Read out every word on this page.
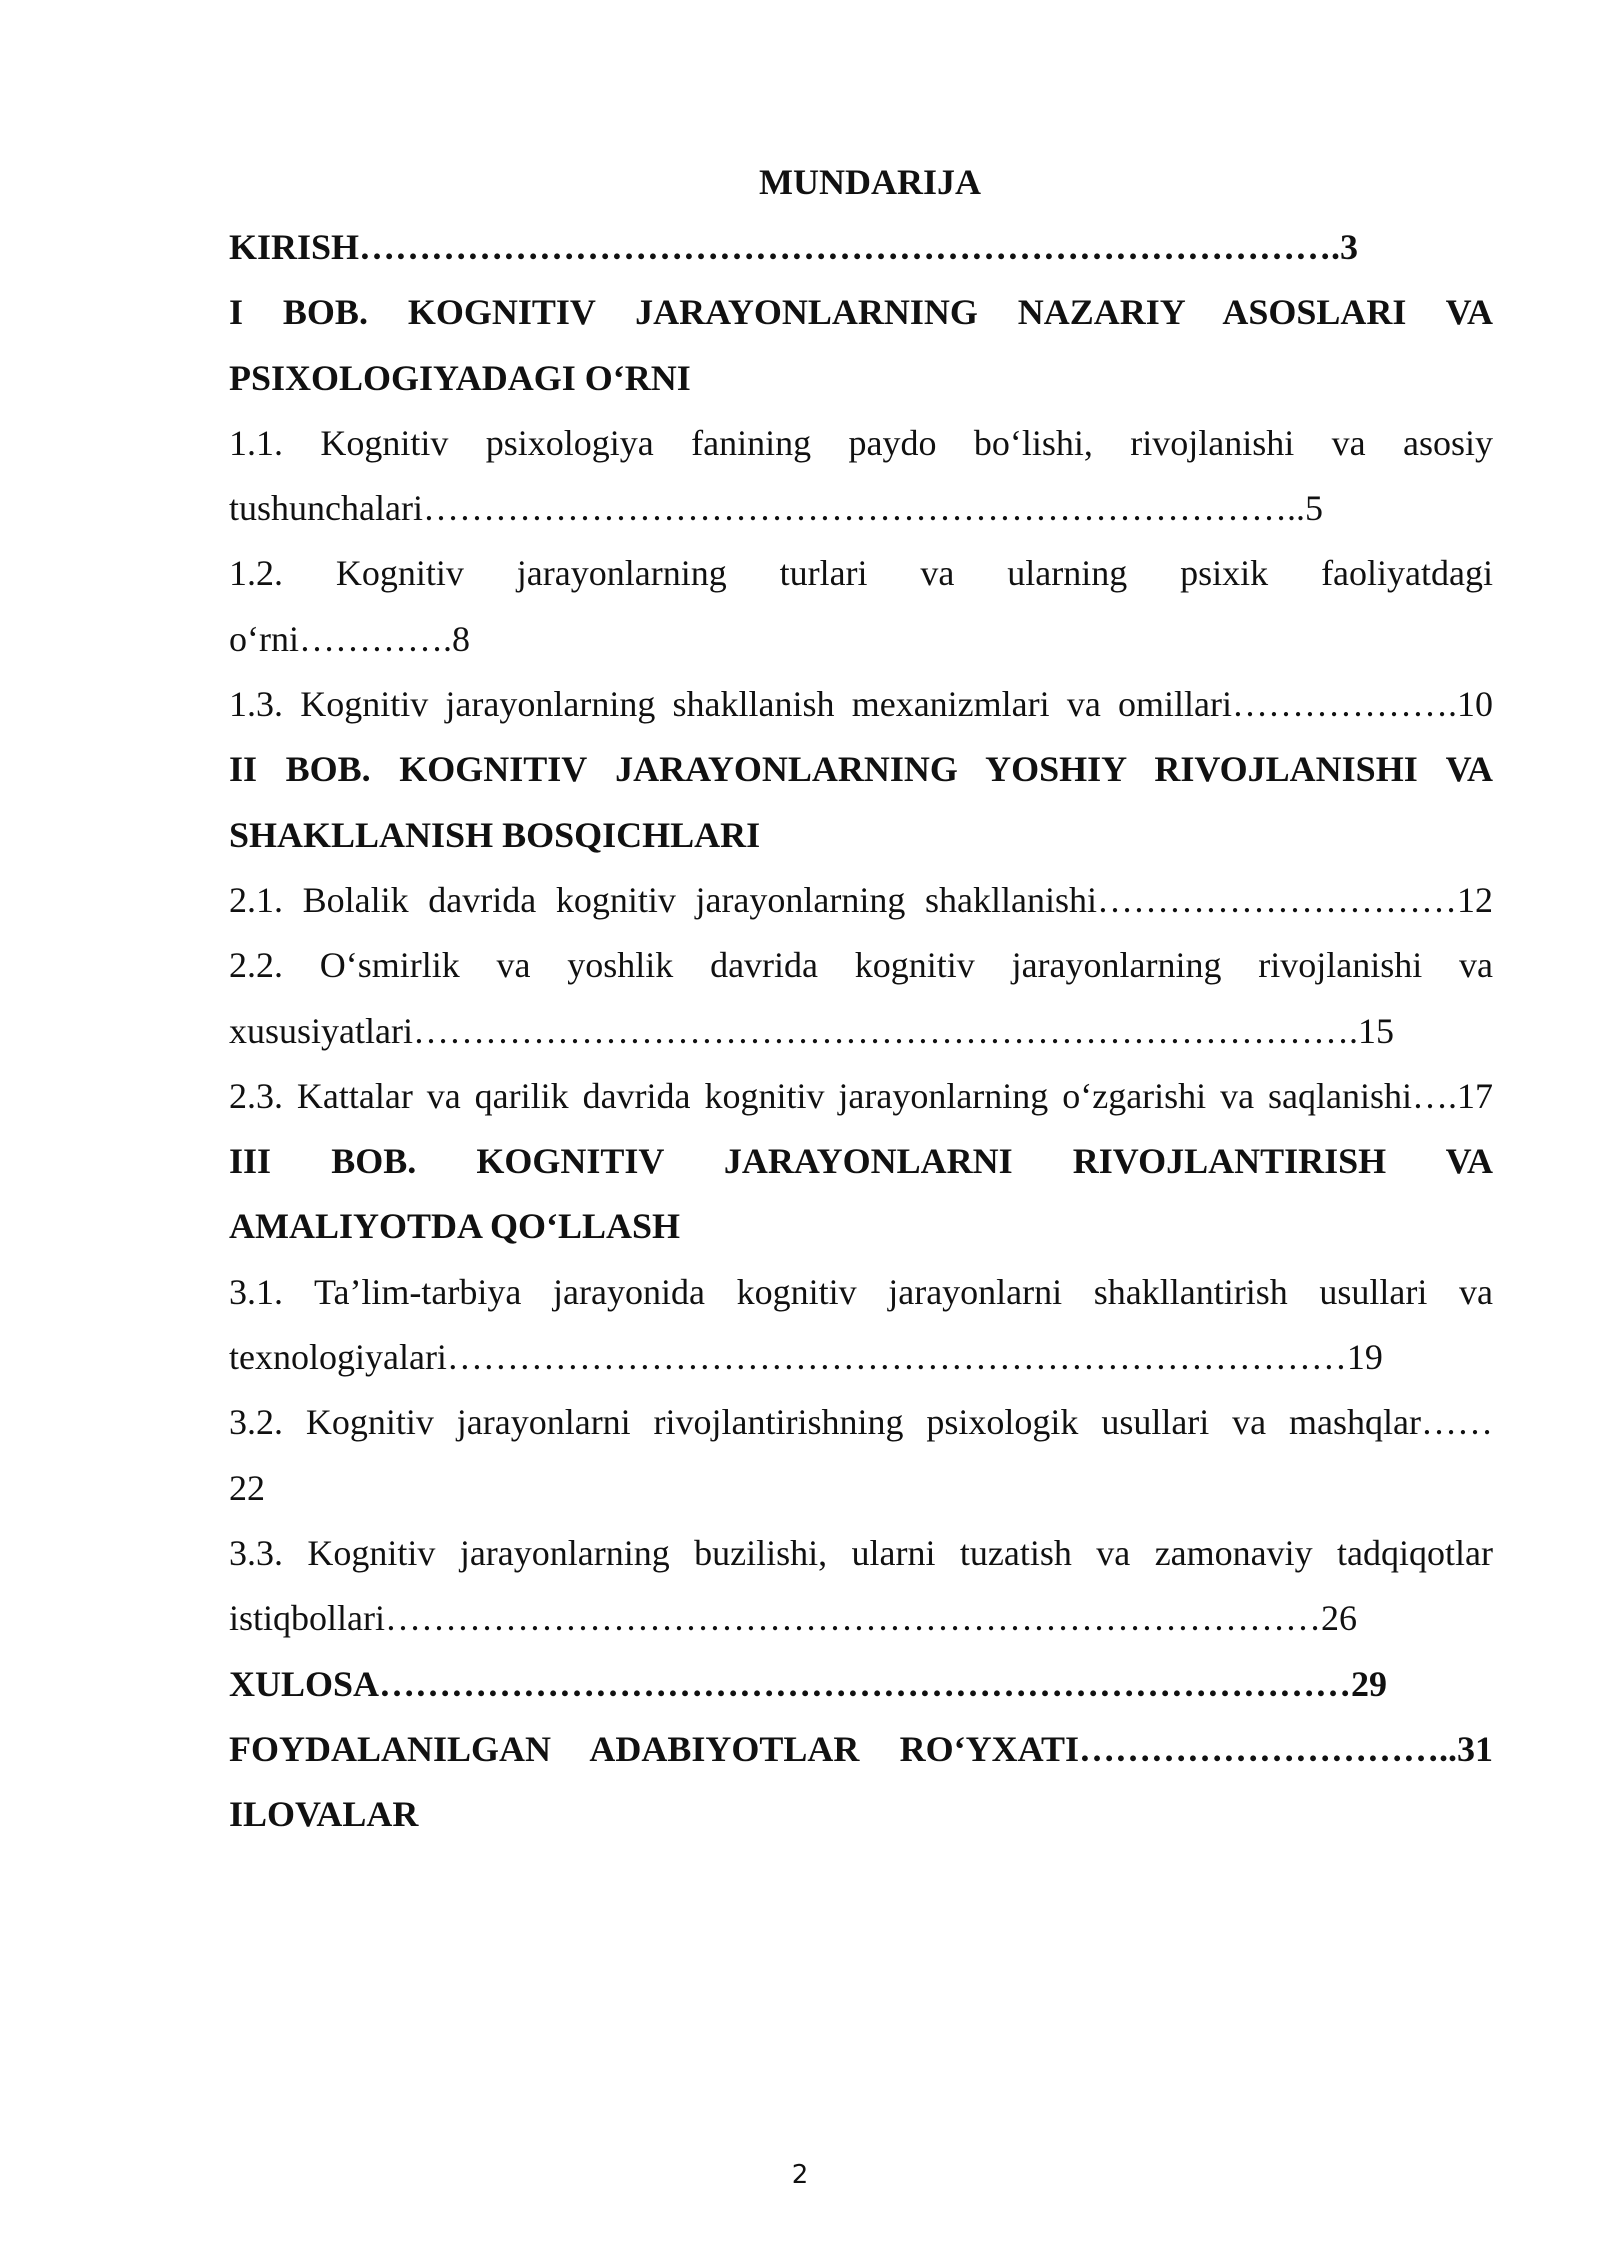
MUNDARIJA

KIRISH……………………………………………………………………….3

I BOB. KOGNITIV JARAYONLARNING NAZARIY ASOSLARI VA

PSIXOLOGIYADAGI O‘RNI

1.1. Kognitiv psixologiya fanining paydo bo‘lishi, rivojlanishi va asosiy

tushunchalari………………………………………………………………..5

1.2. Kognitiv jarayonlarning turlari va ularning psixik faoliyatdagi

o‘rni………….8

1.3. Kognitiv jarayonlarning shakllanish mexanizmlari va omillari……………….10

II BOB. KOGNITIV JARAYONLARNING YOSHIY RIVOJLANISHI VA

SHAKLLANISH BOSQICHLARI

2.1. Bolalik davrida kognitiv jarayonlarning shakllanishi…………………………12

2.2. O‘smirlik va yoshlik davrida kognitiv jarayonlarning rivojlanishi va

xususiyatlari…………………………………………………………………….15

2.3. Kattalar va qarilik davrida kognitiv jarayonlarning o‘zgarishi va saqlanishi….17

III BOB. KOGNITIV JARAYONLARNI RIVOJLANTIRISH VA

AMALIYOTDA QO‘LLASH

3.1. Ta’lim-tarbiya jarayonida kognitiv jarayonlarni shakllantirish usullari va

texnologiyalari…………………………………………………………………19

3.2. Kognitiv jarayonlarni rivojlantirishning psixologik usullari va mashqlar……

22

3.3. Kognitiv jarayonlarning buzilishi, ularni tuzatish va zamonaviy tadqiqotlar

istiqbollari……………………………………………………………………26

XULOSA………………………………………………………………………29

FOYDALANILGAN ADABIYOTLAR RO‘YXATI…………………………..31

ILOVALAR

2
